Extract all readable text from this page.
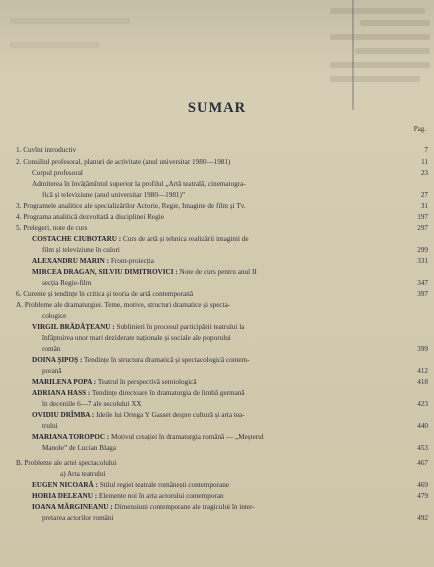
SUMAR
Pag.
1. Cuvînt introductiv	7
2. Consiliul profesoral, planuri de activitate (anul universitar 1980—1981)	11
Corpul profesoral	23
Admiterea în învățămîntul superior la profilul „Artă teatrală, cinematogra-
fică și televiziune (anul universitar 1980—1981)”	27
3. Programele analitice ale specializărilor Actorie, Regie, Imagine de film și Tv.	31
4. Programa analitică dezvoltată a disciplinei Regie	197
5. Prelegeri, note de curs	297
COSTACHE CIUBOTARU : Curs de artă și tehnica realizării imaginii de
film și televiziune în culori	299
ALEXANDRU MARIN : Front-proiecția	331
MIRCEA DRAGAN, SILVIU DIMITROVICI : Note de curs pentru anul II
secția Regie-film	347
6. Curente și tendințe în critica și teoria de artă contemporană	397
A. Probleme ale dramaturgiei. Teme, motive, structuri dramatice și specta-
cologice
VIRGIL BRĂDĂȚEANU : Sublinieri în procesul participării teatrului la
înfăptuirea unor mari deziderate naționale și sociale ale poporului
român	399
DOINA ȘIPOȘ : Tendințe în structura dramatică și spectacologică contem-
porană	412
MARILENA POPA : Teatrul în perspectivă semiologică	418
ADRIANA HASS : Tendințe directoare în dramaturgia de limbă germană
în deceniile 6—7 ale secolului XX	423
OVIDIU DRÎMBA : Ideile lui Ortega Y Gasset despre cultură și arta tea-
trului	440
MARIANA TOROPOC : Motivul creației în dramaturgia română — „Meșterul
Manole” de Lucian Blaga	453
B. Probleme ale artei spectacolului	467
a) Arta teatrului
EUGEN NICOARĂ : Stilul regiei teatrale românești contemporane	469
HORIA DELEANU : Elemente noi în arta actorului contemporan	479
IOANA MĂRGINEANU : Dimensiuni contemporane ale tragicului în inter-
pretarea actorilor români	492
